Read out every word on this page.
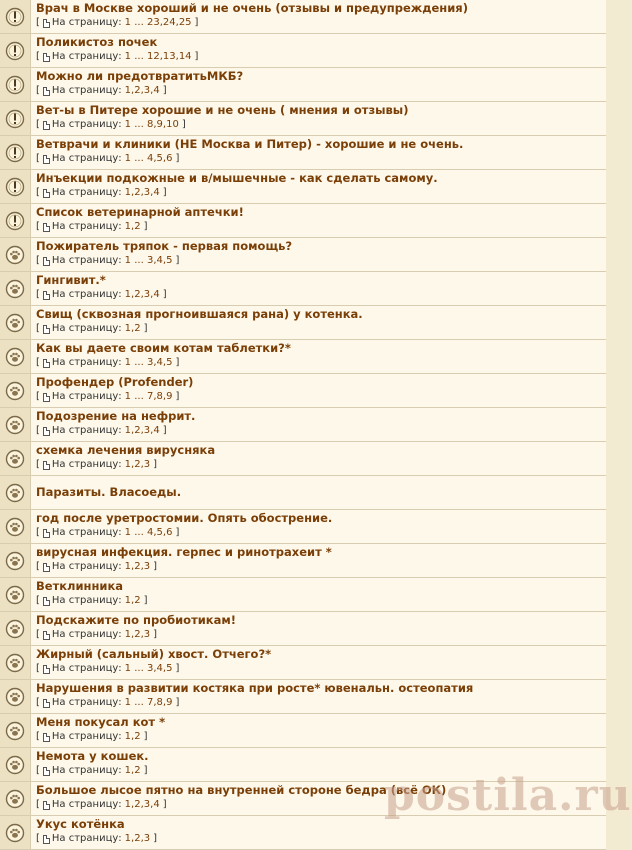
Врач в Москве хороший и не очень (отзывы и предупреждения)
[ На страницу: 1
...
23 , 24 , 25 ]
Поликистоз почек
[ На страницу: 1
...
12 , 13 , 14 ]
Можно ли предотвратитьМКБ?
[ На страницу: 1 , 2 , 3 , 4 ]
Вет-ы в Питере хорошие и не очень ( мнения и отзывы)
[ На страницу: 1
...
8 , 9 , 10 ]
Ветврачи и клиники (НЕ Москва и Питер) - хорошие и не очень.
[ На страницу: 1
...
4 , 5 , 6 ]
Инъекции подкожные и в/мышечные - как сделать самому.
[ На страницу: 1 , 2 , 3 , 4 ]
Список ветеринарной аптечки!
[ На страницу: 1 , 2 ]
Пожиратель тряпок - первая помощь?
[ На страницу: 1
...
3 , 4 , 5 ]
Гингивит.*
[ На страницу: 1 , 2 , 3 , 4 ]
Свищ (сквозная прогноившаяся рана) у котенка.
[ На страницу: 1 , 2 ]
Как вы даете своим котам таблетки?*
[ На страницу: 1
...
3 , 4 , 5 ]
Профендер (Profender)
[ На страницу: 1
...
7 , 8 , 9 ]
Подозрение на нефрит.
[ На страницу: 1 , 2 , 3 , 4 ]
схемка лечения вирусняка
[ На страницу: 1 , 2 , 3 ]
Паразиты. Власоеды.
год после уретростомии. Опять обострение.
[ На страницу: 1
...
4 , 5 , 6 ]
вирусная инфекция. герпес и ринотрахеит *
[ На страницу: 1 , 2 , 3 ]
Ветклинника
[ На страницу: 1 , 2 ]
Подскажите по пробиотикам!
[ На страницу: 1 , 2 , 3 ]
Жирный (сальный) хвост. Отчего?*
[ На страницу: 1
...
3 , 4 , 5 ]
Нарушения в развитии костяка при росте* ювенальн. остеопатия
[ На страницу: 1
...
7 , 8 , 9 ]
Меня покусал кот *
[ На страницу: 1 , 2 ]
Немота у кошек.
[ На страницу: 1 , 2 ]
Большое лысое пятно на внутренней стороне бедра (всё ОК)
[ На страницу: 1 , 2 , 3 , 4 ]
Укус котёнка
[ На страницу: 1 , 2 , 3 ]
postila.ru
